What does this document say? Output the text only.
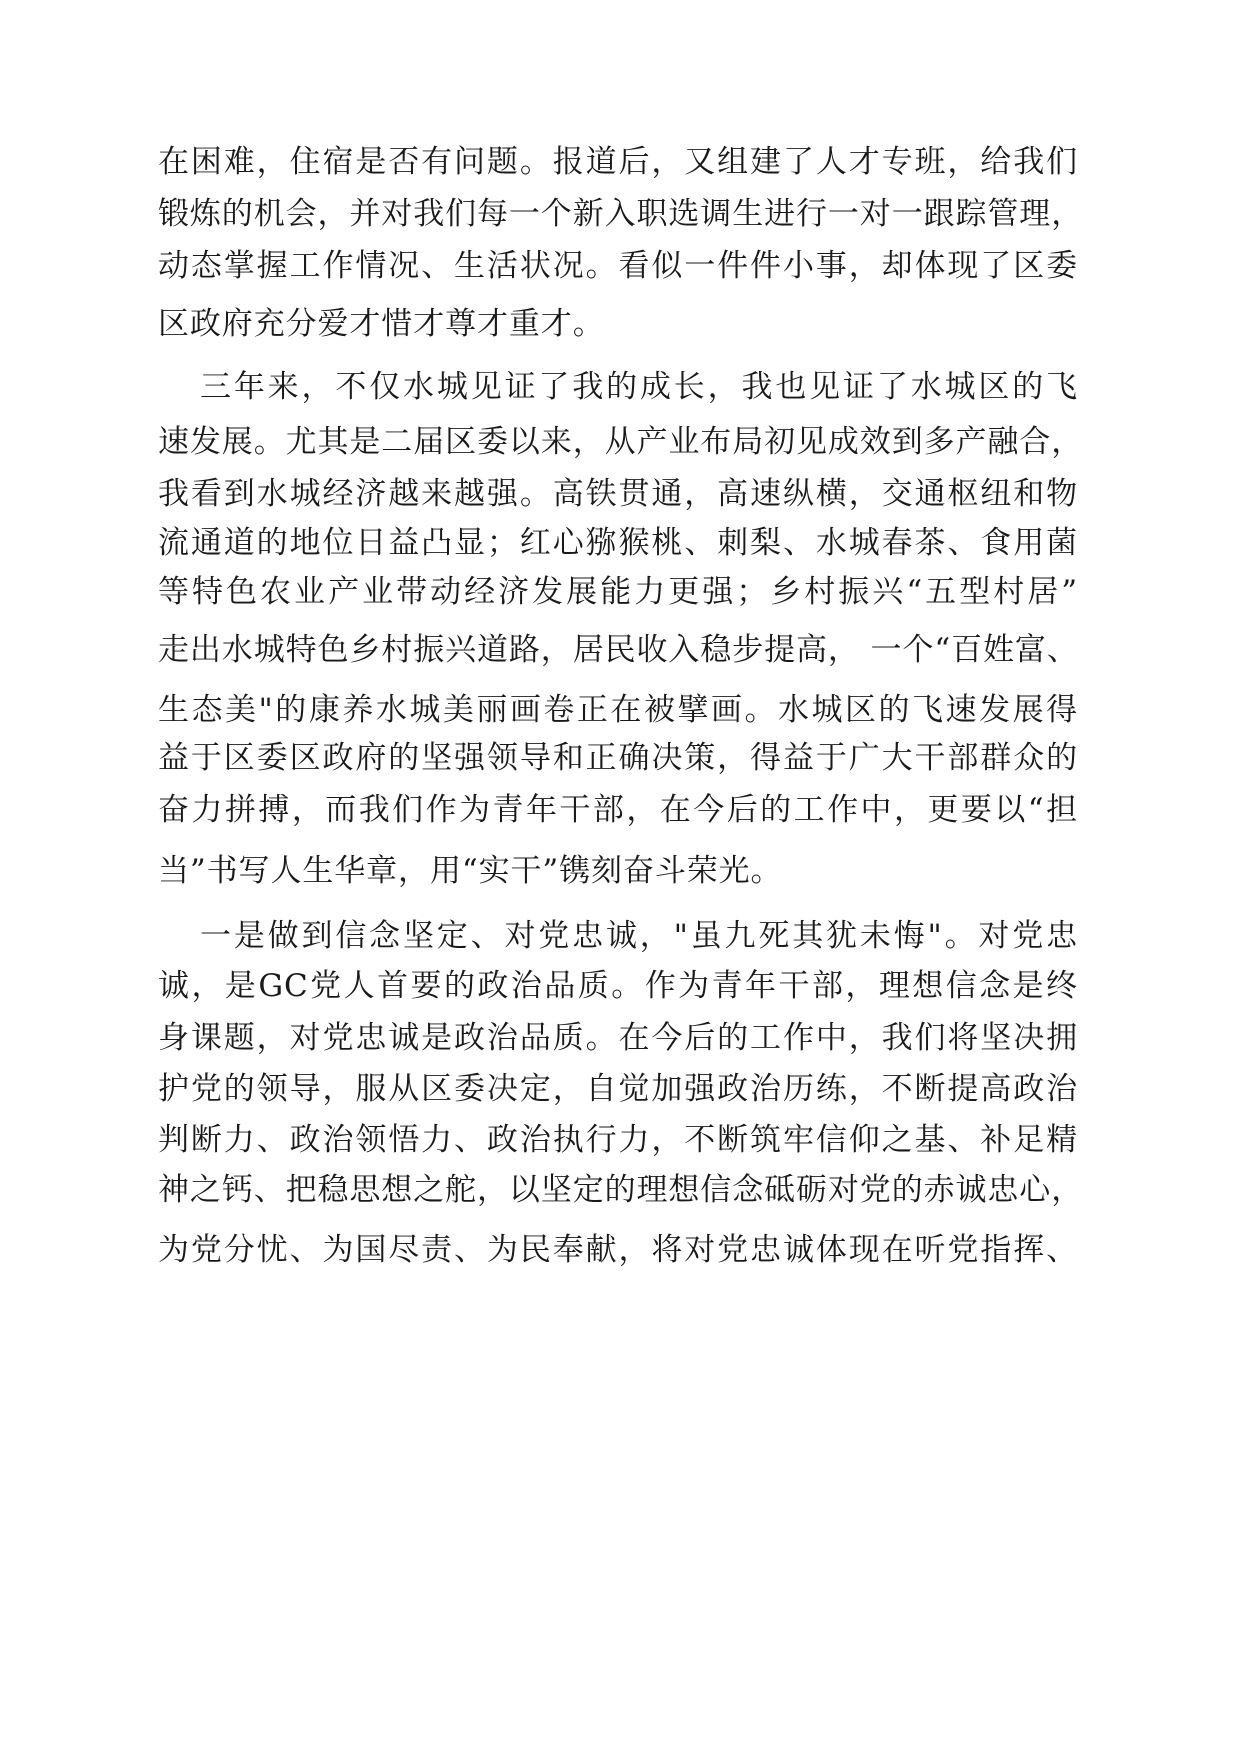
在困难，住宿是否有问题。报道后，又组建了人才专班，给我们
锻炼的机会，并对我们每一个新入职选调生进行一对一跟踪管理，
动态掌握工作情况、生活状况。看似一件件小事，却体现了区委
区政府充分爱才惜才尊才重才。
三年来，不仅水城见证了我的成长，我也见证了水城区的飞
速发展。尤其是二届区委以来，从产业布局初见成效到多产融合，
我看到水城经济越来越强。高铁贯通，高速纵横，交通枢纽和物
流通道的地位日益凸显；红心猕猴桃、刺梨、水城春茶、食用菌
等特色农业产业带动经济发展能力更强；乡村振兴“五型村居”
走出水城特色乡村振兴道路，居民收入稳步提高， 一个“百姓富、
生态美"的康养水城美丽画卷正在被擘画。水城区的飞速发展得
益于区委区政府的坚强领导和正确决策，得益于广大干部群众的
奋力拼搏，而我们作为青年干部，在今后的工作中，更要以“担
当”书写人生华章，用“实干”镌刻奋斗荣光。
一是做到信念坚定、对党忠诚，"虽九死其犹未悔"。对党忠
诚，是GC党人首要的政治品质。作为青年干部，理想信念是终
身课题，对党忠诚是政治品质。在今后的工作中，我们将坚决拥
护党的领导，服从区委决定，自觉加强政治历练，不断提高政治
判断力、政治领悟力、政治执行力，不断筑牢信仰之基、补足精
神之钙、把稳思想之舵，以坚定的理想信念砥砺对党的赤诚忠心，
为党分忧、为国尽责、为民奉献，将对党忠诚体现在听党指挥、
